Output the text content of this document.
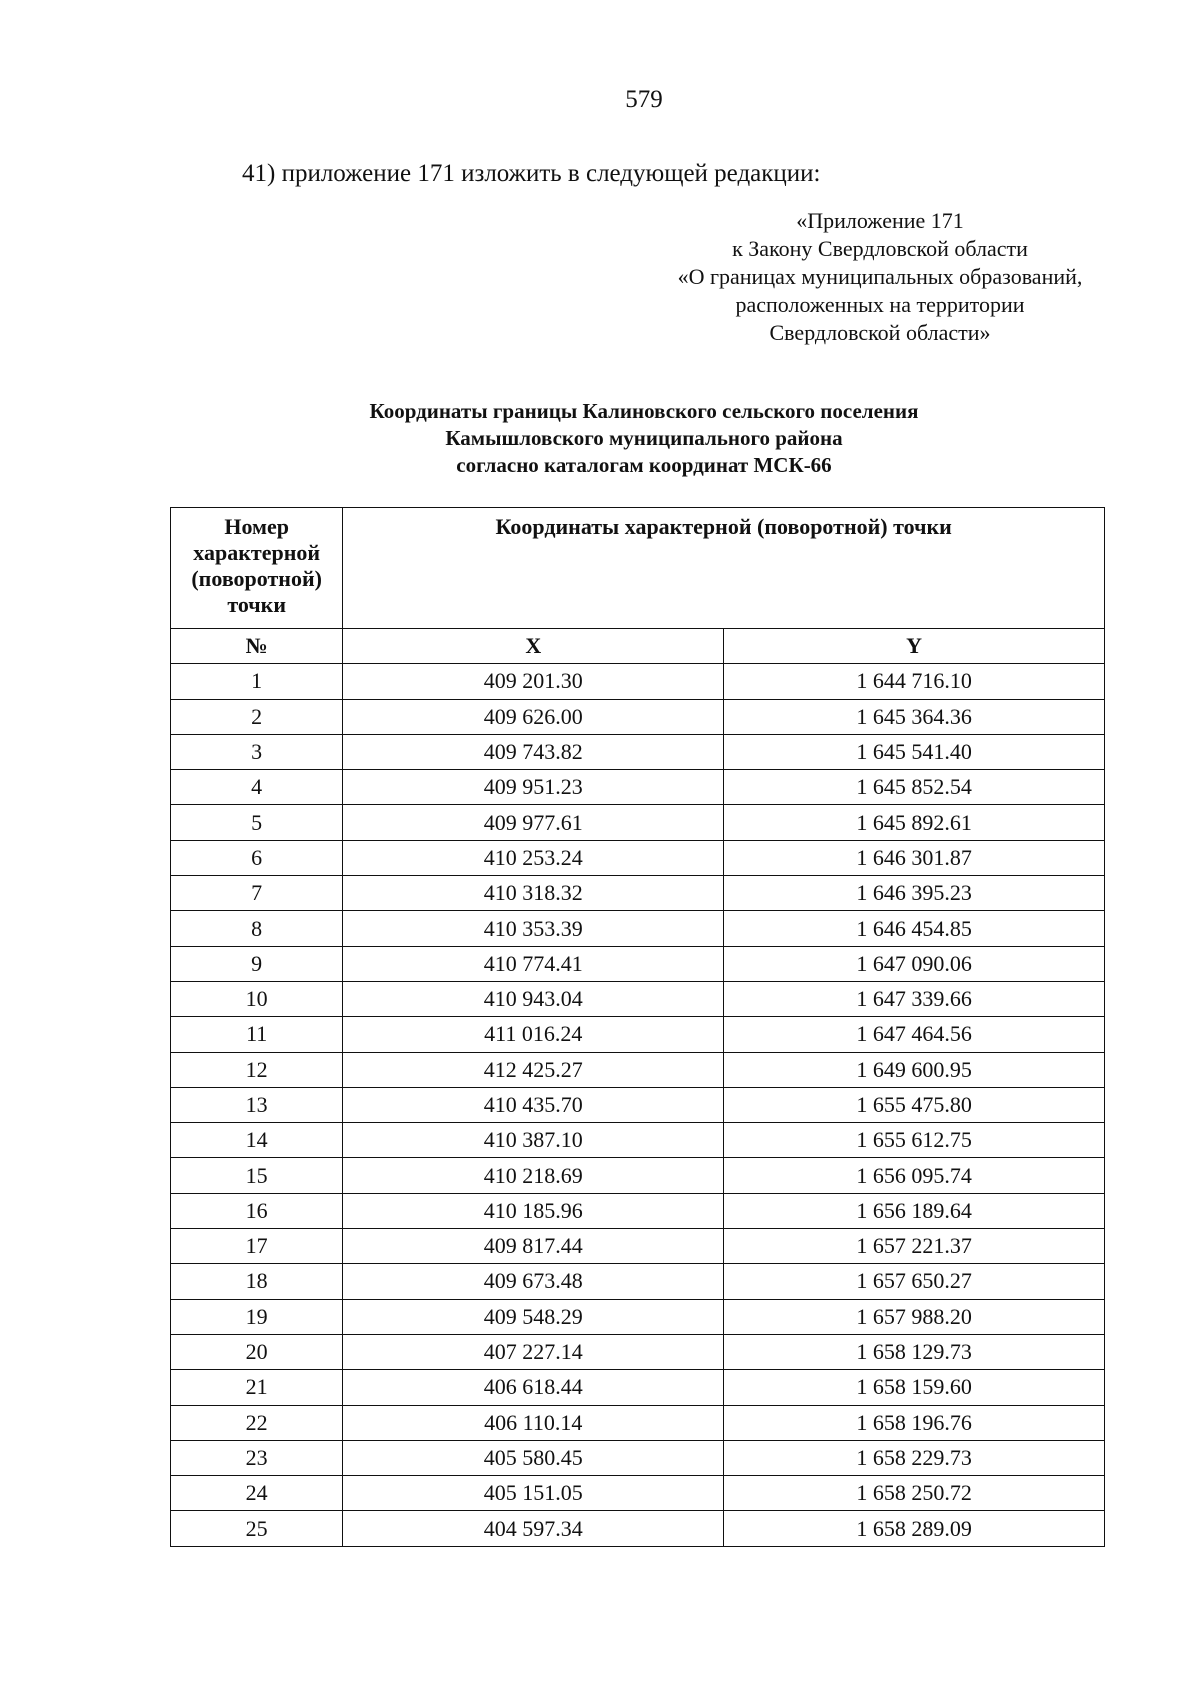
579
41) приложение 171 изложить в следующей редакции:
«Приложение 171
к Закону Свердловской области
«О границах муниципальных образований,
расположенных на территории
Свердловской области»
Координаты границы Калиновского сельского поселения
Камышловского муниципального района
согласно каталогам координат МСК-66
Номер характерной (поворотной) точки	Координаты характерной (поворотной) точки	
№	X	Y
1	409 201.30	1 644 716.10
2	409 626.00	1 645 364.36
3	409 743.82	1 645 541.40
4	409 951.23	1 645 852.54
5	409 977.61	1 645 892.61
6	410 253.24	1 646 301.87
7	410 318.32	1 646 395.23
8	410 353.39	1 646 454.85
9	410 774.41	1 647 090.06
10	410 943.04	1 647 339.66
11	411 016.24	1 647 464.56
12	412 425.27	1 649 600.95
13	410 435.70	1 655 475.80
14	410 387.10	1 655 612.75
15	410 218.69	1 656 095.74
16	410 185.96	1 656 189.64
17	409 817.44	1 657 221.37
18	409 673.48	1 657 650.27
19	409 548.29	1 657 988.20
20	407 227.14	1 658 129.73
21	406 618.44	1 658 159.60
22	406 110.14	1 658 196.76
23	405 580.45	1 658 229.73
24	405 151.05	1 658 250.72
25	404 597.34	1 658 289.09
